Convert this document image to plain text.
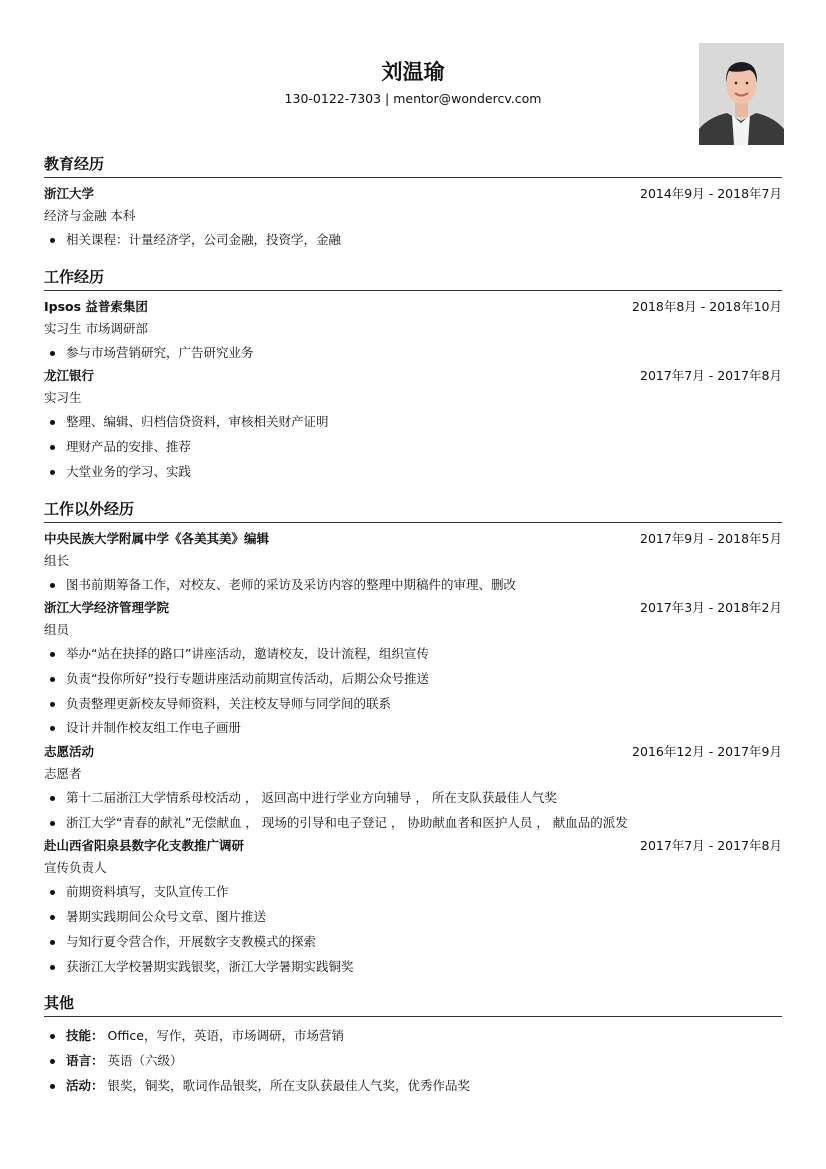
刘温瑜
130-0122-7303 | mentor@wondercv.com
教育经历
浙江大学	2014年9月 - 2018年7月
经济与金融 本科
相关课程：计量经济学，公司金融，投资学，金融
工作经历
Ipsos 益普索集团	2018年8月 - 2018年10月
实习生 市场调研部
参与市场营销研究，广告研究业务
龙江银行	2017年7月 - 2017年8月
实习生
整理、编辑、归档信贷资料，审核相关财产证明
理财产品的安排、推荐
大堂业务的学习、实践
工作以外经历
中央民族大学附属中学《各美其美》编辑	2017年9月 - 2018年5月
组长
图书前期筹备工作，对校友、老师的采访及采访内容的整理中期稿件的审理、删改
浙江大学经济管理学院	2017年3月 - 2018年2月
组员
举办“站在抉择的路口”讲座活动，邀请校友，设计流程，组织宣传
负责“投你所好”投行专题讲座活动前期宣传活动，后期公众号推送
负责整理更新校友导师资料，关注校友导师与同学间的联系
设计并制作校友组工作电子画册
志愿活动	2016年12月 - 2017年9月
志愿者
第十二届浙江大学情系母校活动 ， 返回高中进行学业方向辅导 ， 所在支队获最佳人气奖
浙江大学“青春的献礼”无偿献血 ， 现场的引导和电子登记 ， 协助献血者和医护人员 ， 献血品的派发
赴山西省阳泉县数字化支教推广调研	2017年7月 - 2017年8月
宣传负责人
前期资料填写，支队宣传工作
暑期实践期间公众号文章、图片推送
与知行夏令营合作，开展数字支教模式的探索
获浙江大学校暑期实践银奖，浙江大学暑期实践铜奖
其他
技能： Office，写作，英语，市场调研，市场营销
语言： 英语（六级）
活动： 银奖，铜奖，歌词作品银奖，所在支队获最佳人气奖，优秀作品奖
